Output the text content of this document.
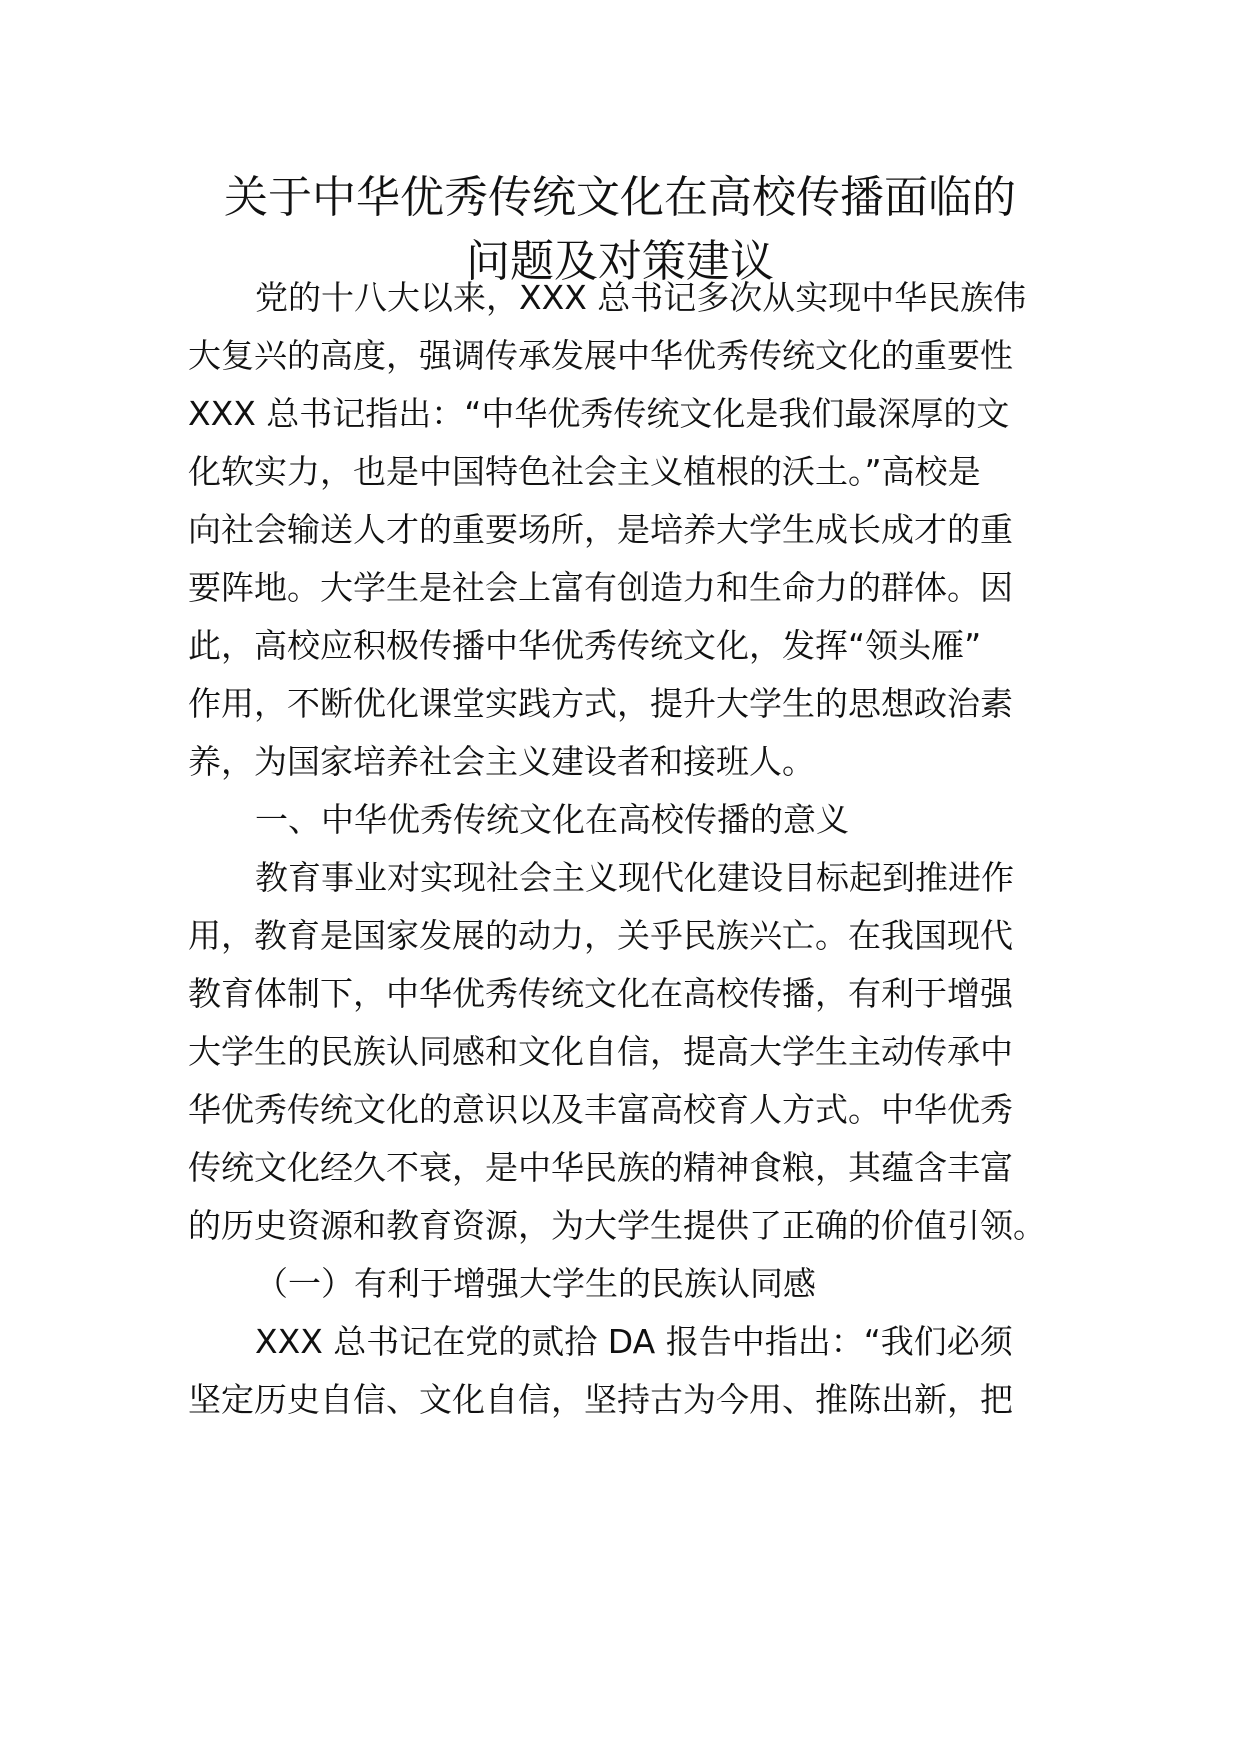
关于中华优秀传统文化在高校传播面临的
问题及对策建议

党的十八大以来，XXX 总书记多次从实现中华民族伟

大复兴的高度，强调传承发展中华优秀传统文化的重要性

XXX 总书记指出：“中华优秀传统文化是我们最深厚的文

化软实力，也是中国特色社会主义植根的沃土。”高校是

向社会输送人才的重要场所，是培养大学生成长成才的重

要阵地。大学生是社会上富有创造力和生命力的群体。因

此，高校应积极传播中华优秀传统文化，发挥“领头雁”

作用，不断优化课堂实践方式，提升大学生的思想政治素

养，为国家培养社会主义建设者和接班人。

一、中华优秀传统文化在高校传播的意义

教育事业对实现社会主义现代化建设目标起到推进作

用，教育是国家发展的动力，关乎民族兴亡。在我国现代

教育体制下，中华优秀传统文化在高校传播，有利于增强

大学生的民族认同感和文化自信，提高大学生主动传承中

华优秀传统文化的意识以及丰富高校育人方式。中华优秀

传统文化经久不衰，是中华民族的精神食粮，其蕴含丰富

的历史资源和教育资源，为大学生提供了正确的价值引领。

（一）有利于增强大学生的民族认同感

XXX 总书记在党的贰拾 DA 报告中指出：“我们必须

坚定历史自信、文化自信，坚持古为今用、推陈出新，把
